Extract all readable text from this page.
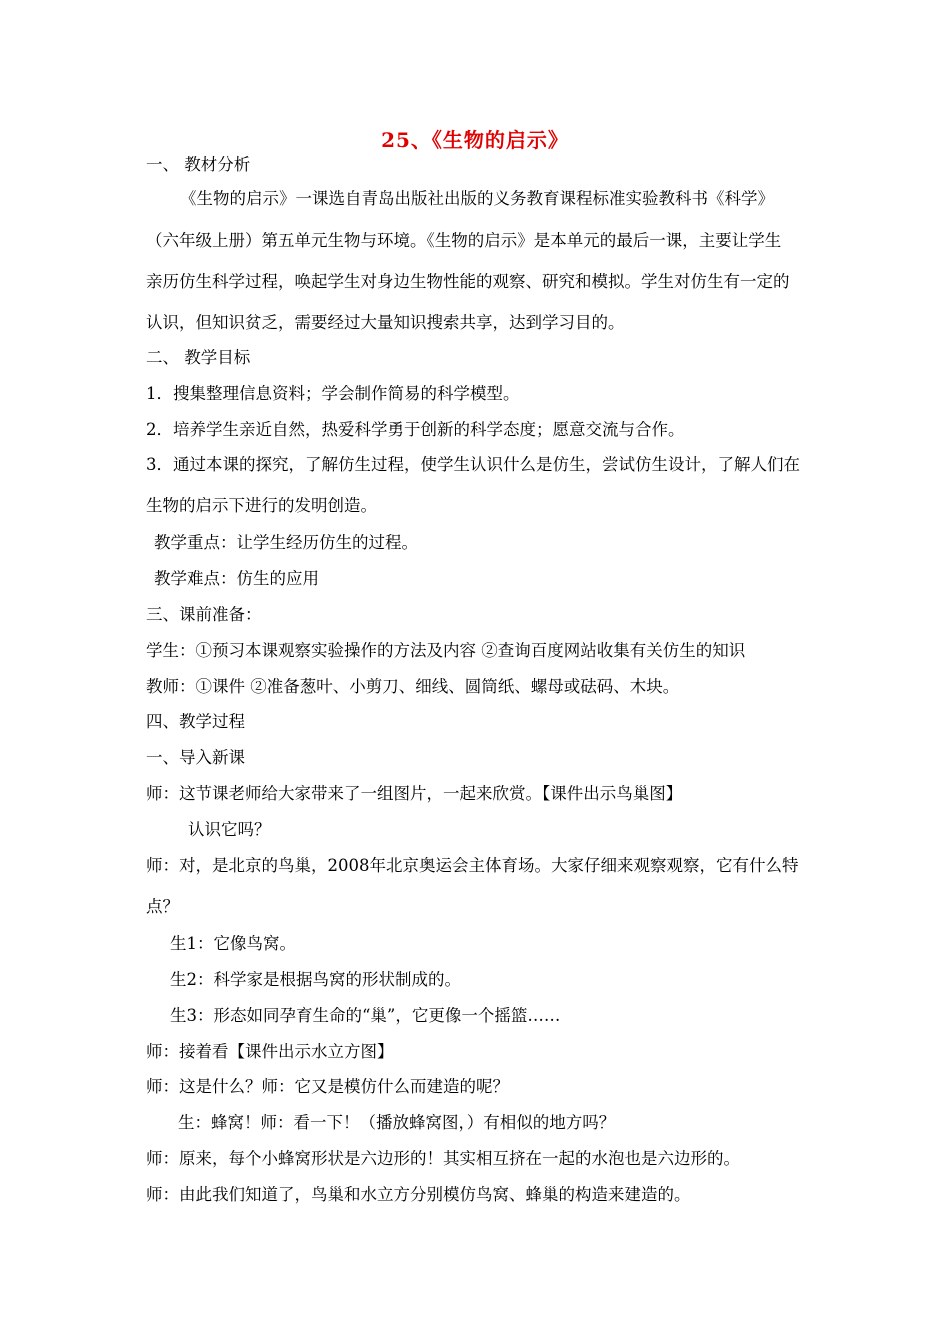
25、《生物的启示》
一、 教材分析
《生物的启示》一课选自青岛出版社出版的义务教育课程标准实验教科书《科学》
（六年级上册）第五单元生物与环境。《生物的启示》是本单元的最后一课，主要让学生
亲历仿生科学过程，唤起学生对身边生物性能的观察、研究和模拟。学生对仿生有一定的
认识，但知识贫乏，需要经过大量知识搜索共享，达到学习目的。
二、 教学目标
1．搜集整理信息资料；学会制作简易的科学模型。
2．培养学生亲近自然，热爱科学勇于创新的科学态度；愿意交流与合作。
3．通过本课的探究，了解仿生过程，使学生认识什么是仿生，尝试仿生设计，了解人们在
生物的启示下进行的发明创造。
教学重点：让学生经历仿生的过程。
教学难点：仿生的应用
三、课前准备：
学生：①预习本课观察实验操作的方法及内容 ②查询百度网站收集有关仿生的知识
教师：①课件 ②准备葱叶、小剪刀、细线、圆筒纸、螺母或砝码、木块。
四、教学过程
一、导入新课
师：这节课老师给大家带来了一组图片，一起来欣赏。【课件出示鸟巢图】
认识它吗？
师：对，是北京的鸟巢，2008年北京奥运会主体育场。大家仔细来观察观察，它有什么特
点？
生1：它像鸟窝。
生2：科学家是根据鸟窝的形状制成的。
生3：形态如同孕育生命的“巢”，它更像一个摇篮……
师：接着看【课件出示水立方图】
师：这是什么？师：它又是模仿什么而建造的呢？
生：蜂窝！师：看一下！（播放蜂窝图，）有相似的地方吗？
师：原来，每个小蜂窝形状是六边形的！其实相互挤在一起的水泡也是六边形的。
师：由此我们知道了，鸟巢和水立方分别模仿鸟窝、蜂巢的构造来建造的。
